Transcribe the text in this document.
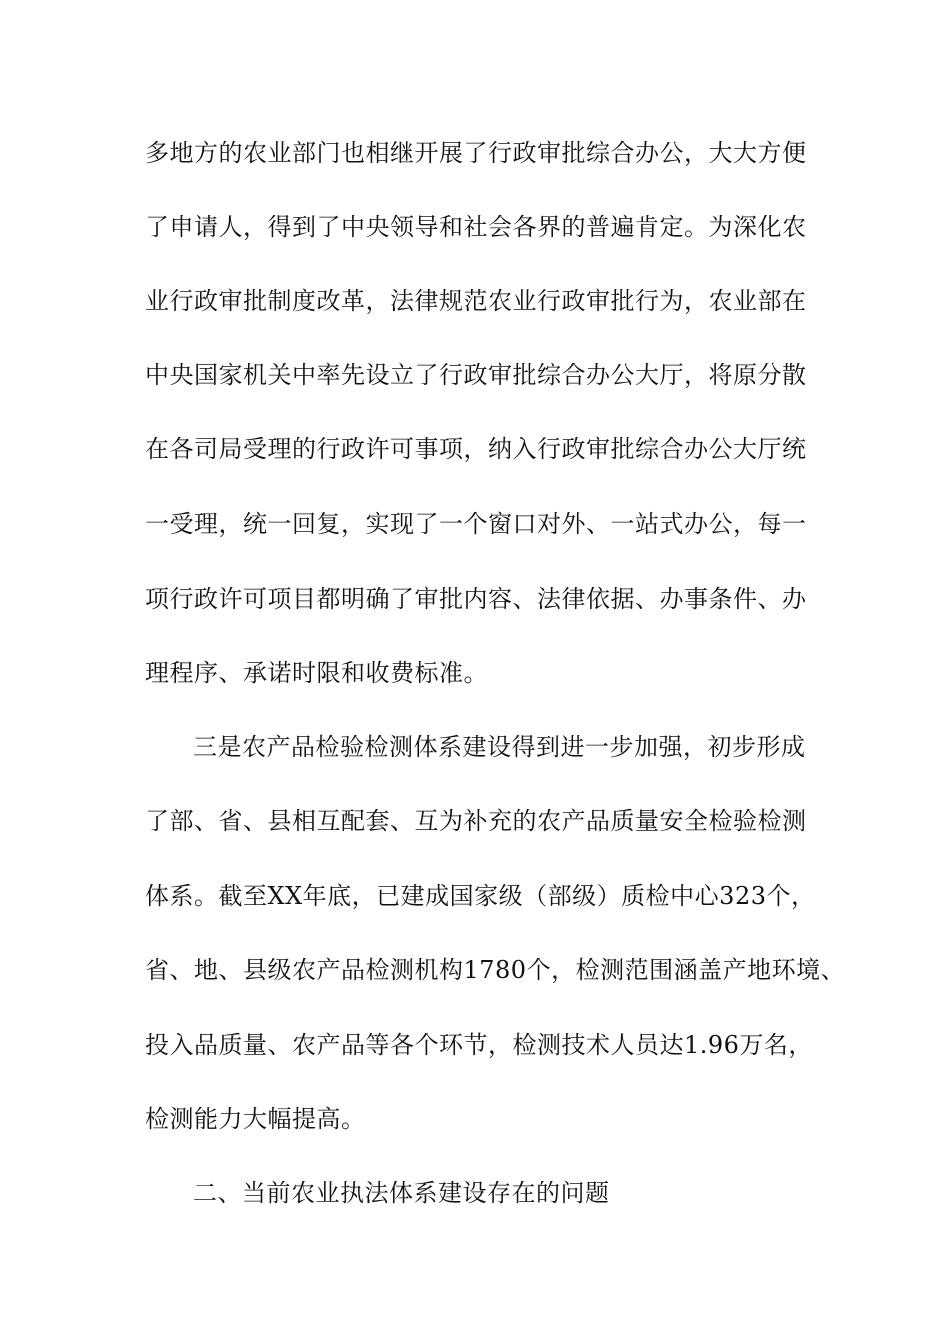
多地方的农业部门也相继开展了行政审批综合办公，大大方便
了申请人，得到了中央领导和社会各界的普遍肯定。为深化农
业行政审批制度改革，法律规范农业行政审批行为，农业部在
中央国家机关中率先设立了行政审批综合办公大厅，将原分散
在各司局受理的行政许可事项，纳入行政审批综合办公大厅统
一受理，统一回复，实现了一个窗口对外、一站式办公，每一
项行政许可项目都明确了审批内容、法律依据、办事条件、办
理程序、承诺时限和收费标准。
三是农产品检验检测体系建设得到进一步加强，初步形成
了部、省、县相互配套、互为补充的农产品质量安全检验检测
体系。截至XX年底，已建成国家级（部级）质检中心323个，
省、地、县级农产品检测机构1780个，检测范围涵盖产地环境、
投入品质量、农产品等各个环节，检测技术人员达1.96万名，
检测能力大幅提高。
二、当前农业执法体系建设存在的问题
